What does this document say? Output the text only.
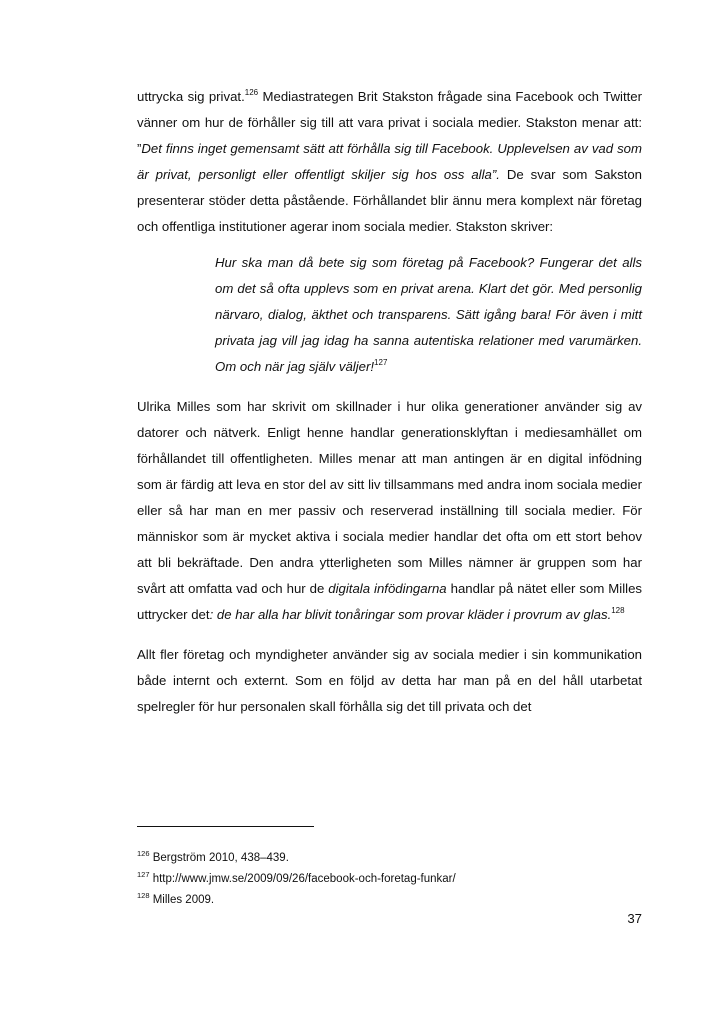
uttrycka sig privat.$^{126}$ Mediastrategen Brit Stakston frågade sina Facebook och Twitter vänner om hur de förhåller sig till att vara privat i sociala medier. Stakston menar att: ”Det finns inget gemensamt sätt att förhålla sig till Facebook. Upplevelsen av vad som är privat, personligt eller offentligt skiljer sig hos oss alla”. De svar som Sakston presenterar stöder detta påstående. Förhållandet blir ännu mera komplext när företag och offentliga institutioner agerar inom sociala medier. Stakston skriver:

Hur ska man då bete sig som företag på Facebook? Fungerar det alls om det så ofta upplevs som en privat arena. Klart det gör. Med personlig närvaro, dialog, äkthet och transparens. Sätt igång bara! För även i mitt privata jag vill jag idag ha sanna autentiska relationer med varumärken. Om och när jag själv väljer!$^{127}$

Ulrika Milles som har skrivit om skillnader i hur olika generationer använder sig av datorer och nätverk. Enligt henne handlar generationsklyftan i mediesamhället om förhållandet till offentligheten. Milles menar att man antingen är en digital infödning som är färdig att leva en stor del av sitt liv tillsammans med andra inom sociala medier eller så har man en mer passiv och reserverad inställning till sociala medier. För människor som är mycket aktiva i sociala medier handlar det ofta om ett stort behov att bli bekräftade. Den andra ytterligheten som Milles nämner är gruppen som har svårt att omfatta vad och hur de digitala infödingarna handlar på nätet eller som Milles uttrycker det: de har alla har blivit tonåringar som provar kläder i provrum av glas.$^{128}$

Allt fler företag och myndigheter använder sig av sociala medier i sin kommunikation både internt och externt. Som en följd av detta har man på en del håll utarbetat spelregler för hur personalen skall förhålla sig det till privata och det

$^{126}$ Bergström 2010, 438–439.

$^{127}$ http://www.jmw.se/2009/09/26/facebook-och-foretag-funkar/

$^{128}$ Milles 2009.

37
